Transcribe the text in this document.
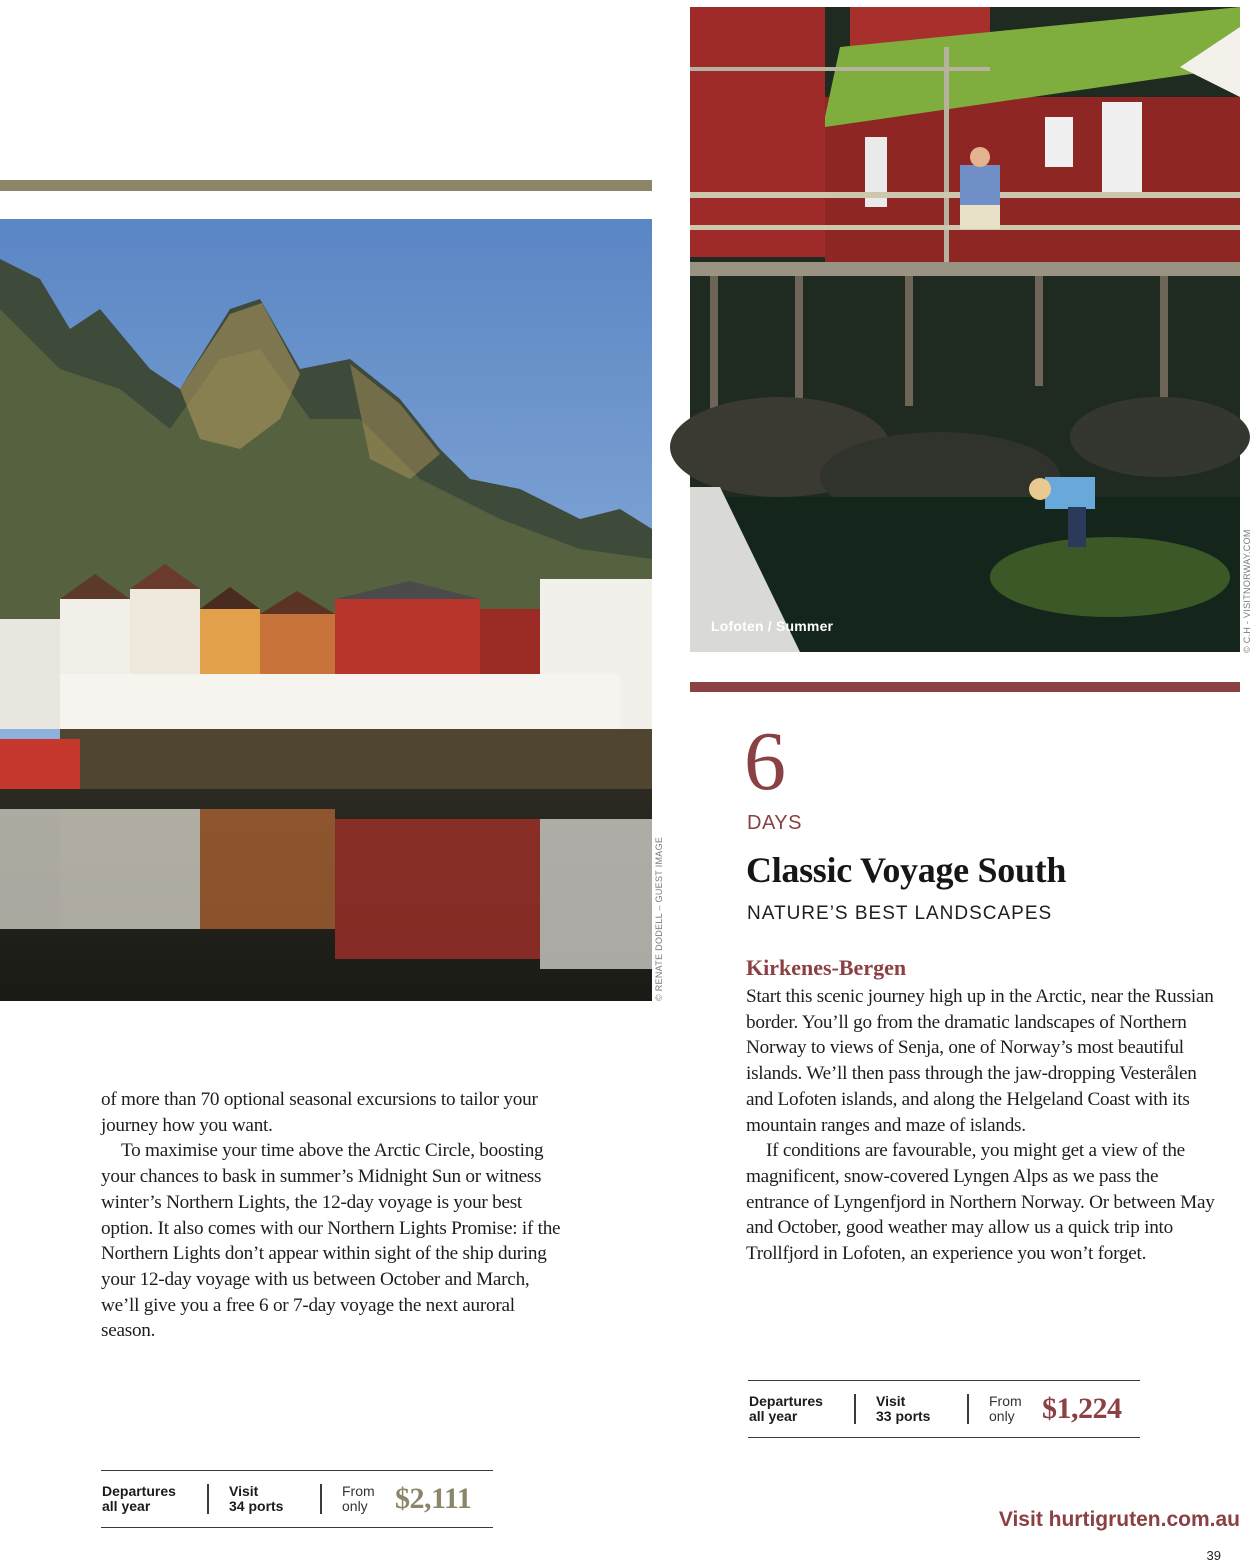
© RENATE DODELL – GUEST IMAGE

of more than 70 optional seasonal excursions to tailor your journey how you want.

To maximise your time above the Arctic Circle, boosting your chances to bask in summer’s Midnight Sun or witness winter’s Northern Lights, the 12-day voyage is your best option. It also comes with our Northern Lights Promise: if the Northern Lights don’t appear within sight of the ship during your 12-day voyage with us between October and March, we’ll give you a free 6 or 7-day voyage the next auroral season.

Departures
all year
Visit
34 ports
From
only $2,111
Lofoten / Summer	© C.H - VISITNORWAY.COM
6
DAYS
Classic Voyage South
NATURE’S BEST LANDSCAPES
Kirkenes-Bergen

Start this scenic journey high up in the Arctic, near the Russian border. You’ll go from the dramatic landscapes of Northern Norway to views of Senja, one of Norway’s most beautiful islands. We’ll then pass through the jaw-dropping Vesterålen and Lofoten islands, and along the Helgeland Coast with its mountain ranges and maze of islands.

If conditions are favourable, you might get a view of the magnificent, snow-covered Lyngen Alps as we pass the entrance of Lyngenfjord in Northern Norway. Or between May and October, good weather may allow us a quick trip into Trollfjord in Lofoten, an experience you won’t forget.

Departures
all year
Visit
33 ports
From
only $1,224
Visit hurtigruten.com.au
39
